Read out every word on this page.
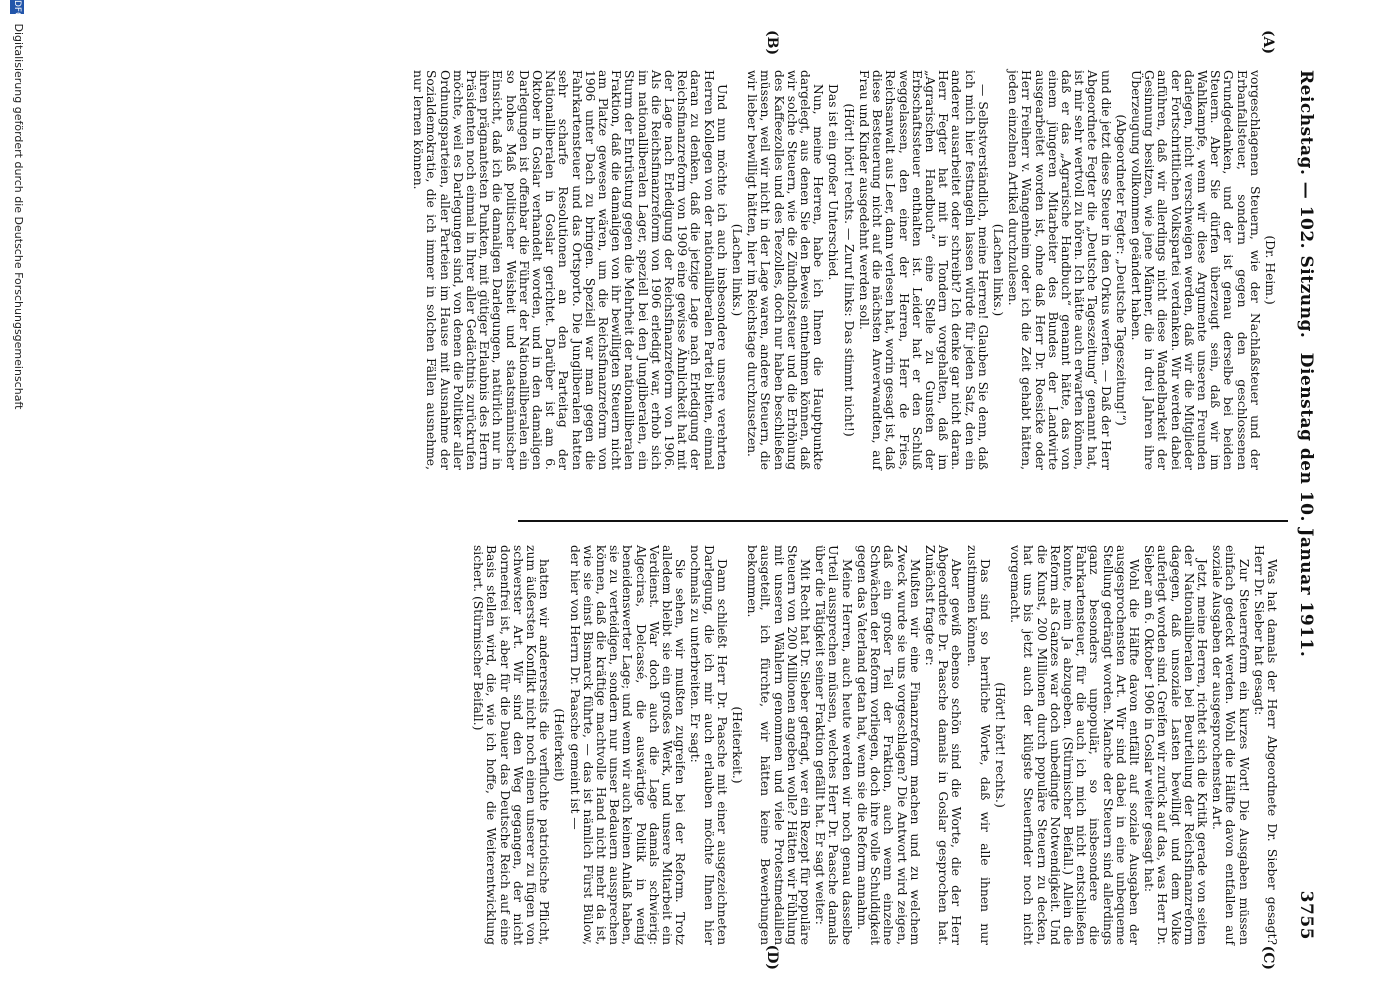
Reichstag. — 102. Sitzung.
Dienstag den 10. Januar 1911.
3755
(A)
(B)
(C)
(D)

(Dr. Heim.)

vorgeschlagenen Steuern, wie der Nachlaßsteuer und der Erbanfallsteuer, sondern gegen den geschlossenen Grundgedanken, und der ist genau derselbe bei beiden Steuern. Aber Sie dürfen überzeugt sein, daß wir im Wahlkampfe, wenn wir diese Argumente unseren Freunden darlegen, nicht verschweigen werden, daß wir die Mitglieder der Fortschrittlichen Volkspartei verdanken. Wir werden dabei anführen, daß wir allerdings nicht diese Wandelbarkeit der Gesinnung besitzen, wie jene Männer, die in drei Jahren ihre Überzeugung vollkommen geändert haben.

(Abgeordneter Fegter: „Deutsche Tageszeitung!“)

und die jetzt diese Steuer in den Orkus werfen. — Daß der Herr Abgeordnete Fegter die „Deutsche Tageszeitung“ genannt hat, ist mir sehr wertvoll zu hören. Ich hätte auch erwarten können, daß er das „Agrarische Handbuch“ genannt hätte, das von einem jüngeren Mitarbeiter des Bundes der Landwirte ausgearbeitet worden ist, ohne daß Herr Dr. Roesicke oder Herr Freiherr v. Wangenheim oder ich die Zeit gehabt hätten, jeden einzelnen Artikel durchzulesen.

(Lachen links.)

— Selbstverständlich, meine Herren! Glauben Sie denn, daß ich mich hier festnageln lassen würde für jeden Satz, den ein anderer ausarbeitet oder schreibt? Ich denke gar nicht daran. Herr Fegter hat mit in Tondern vorgehalten, daß im „Agrarischen Handbuch“ eine Stelle zu Gunsten der Erbschaftssteuer enthalten ist. Leider hat er den Schluß weggelassen, den einer der Herren, Herr de Fries, Reichsanwalt aus Leer, dann verlesen hat, worin gesagt ist, daß diese Besteuerung nicht auf die nächsten Anverwandten, auf Frau und Kinder ausgedehnt werden soll.

(Hört! hört! rechts. — Zuruf links: Das stimmt nicht!)

Das ist ein großer Unterschied.

Nun, meine Herren, habe ich Ihnen die Hauptpunkte dargelegt, aus denen Sie den Beweis entnehmen können, daß wir solche Steuern, wie die Zündholzsteuer und die Erhöhung des Kaffeezolles und des Teezolles, doch nur haben beschließen müssen, weil wir nicht in der Lage waren, andere Steuern, die wir lieber bewilligt hätten, hier im Reichstage durchzusetzen.

(Lachen links.)

Und nun möchte ich auch insbesondere unsere verehrten Herren Kollegen von der nationalliberalen Partei bitten, einmal daran zu denken, daß die jetzige Lage nach Erledigung der Reichsfinanzreform von 1909 eine gewisse Ähnlichkeit hat mit der Lage nach Erledigung der Reichsfinanzreform von 1906. Als die Reichsfinanzreform von 1906 erledigt war, erhob sich im nationalliberalen Lager, speziell bei den Jungliberalen, ein Sturm der Entrüstung gegen die Mehrheit der nationalliberalen Fraktion, daß die damaligen von ihr bewilligten Steuern nicht am Platze gewesen wären, um die Reichsfinanzreform von 1906 unter Dach zu bringen. Speziell war man gegen die Fahrkartensteuer und das Ortsporto. Die Jungliberalen hatten sehr scharfe Resolutionen an den Parteitag der Nationalliberalen in Goslar gerichtet. Darüber ist am 6. Oktober in Goslar verhandelt worden, und in den damaligen Darlegungen ist offenbar die Führer der Nationalliberalen ein so hohes Maß politischer Weisheit und staatsmännischer Einsicht, daß ich die damaligen Darlegungen, natürlich nur in ihren prägnantesten Punkten, mit gütiger Erlaubnis des Herrn Präsidenten noch einmal in Ihrer aller Gedächtnis zurückrufen möchte, weil es Darlegungen sind, von denen die Politiker aller Ordnungsparteien, aller Parteien im Hause mit Ausnahme der Sozialdemokratie, die ich immer in solchen Fällen ausnehme, nur lernen können.

Was hat damals der Herr Abgeordnete Dr. Sieber gesagt? Herr Dr. Sieber hat gesagt:

Zur Steuerreform ein kurzes Wort! Die Ausgaben müssen einfach gedeckt werden. Wohl die Hälfte davon entfallen auf soziale Ausgaben der ausgesprochensten Art.

Jetzt, meine Herren, richtet sich die Kritik gerade von seiten der Nationalliberalen bei Beurteilung der Reichsfinanzreform dagegen, daß unsoziale Lasten bewilligt und dem Volke auferlegt worden sind. Greifen wir zurück auf das, was Herr Dr. Sieber am 6. Oktober 1906 in Goslar weiter gesagt hat:

Wohl die Hälfte davon entfällt auf soziale Ausgaben der ausgesprochensten Art. Wir sind dabei in eine unbequeme Stellung gedrängt worden. Manche der Steuern sind allerdings ganz besonders unpopulär, so insbesondere die Fahrkartensteuer, für die auch ich mich nicht entschließen konnte, mein Ja abzugeben. (Stürmischer Beifall.) Allein die Reform als Ganzes war doch unbedingte Notwendigkeit. Und die Kunst, 200 Millionen durch populäre Steuern zu decken, hat uns bis jetzt auch der klügste Steuerfinder noch nicht vorgemacht.

(Hört! hört! rechts.)

Das sind so herrliche Worte, daß wir alle ihnen nur zustimmen können.

Aber gewiß ebenso schön sind die Worte, die der Herr Abgeordnete Dr. Paasche damals in Goslar gesprochen hat. Zunächst fragte er:

Mußten wir eine Finanzreform machen und zu welchem Zweck wurde sie uns vorgeschlagen? Die Antwort wird zeigen, daß ein großer Teil der Fraktion, auch wenn einzelne Schwächen der Reform vorliegen, doch ihre volle Schuldigkeit gegen das Vaterland getan hat, wenn sie die Reform annahm.

Meine Herren, auch heute werden wir noch genau dasselbe Urteil aussprechen müssen, welches Herr Dr. Paasche damals über die Tätigkeit seiner Fraktion gefällt hat. Er sagt weiter:

Mit Recht hat Dr. Sieber gefragt, wer ein Rezept für populäre Steuern von 200 Millionen angeben wolle? Hätten wir Fühlung mit unseren Wählern genommen und viele Protestmedaillen ausgeteilt, ich fürchte, wir hätten keine Bewerbungen bekommen.

(Heiterkeit.)

Dann schließt Herr Dr. Paasche mit einer ausgezeichneten Darlegung, die ich mir auch erlauben möchte Ihnen hier nochmals zu unterbreiten. Er sagt:

Sie sehen, wir mußten zugreifen bei der Reform. Trotz alledem bleibt sie ein großes Werk, und unsere Mitarbeit ein Verdienst. War doch auch die Lage damals schwierig: Algeciras, Delcassé, die auswärtige Politik in wenig beneidenswerter Lage; und wenn wir auch keinen Anlaß haben, sie zu verteidigen, sondern nur unser Bedauern aussprechen können, daß die kräftige machtvolle Hand nicht mehr da ist, wie sie einst Bismarck führte, — das ist nämlich Fürst Bülow, der hier von Herrn Dr. Paasche gemeint ist —

(Heiterkeit)

hatten wir andererseits die verfluchte patriotische Pflicht, zum äußersten Konflikt nicht noch einen unserer zu fügen von schwerster Art. Wir sind den Weg gegangen, der nicht dornenfrei ist, aber für die Dauer das Deutsche Reich auf eine Basis stellen wird, die, wie ich hoffe, die Weiterentwicklung sichert. (Stürmischer Beifall.)

DFG Digitalisierung gefördert durch die Deutsche Forschungsgemeinschaft
